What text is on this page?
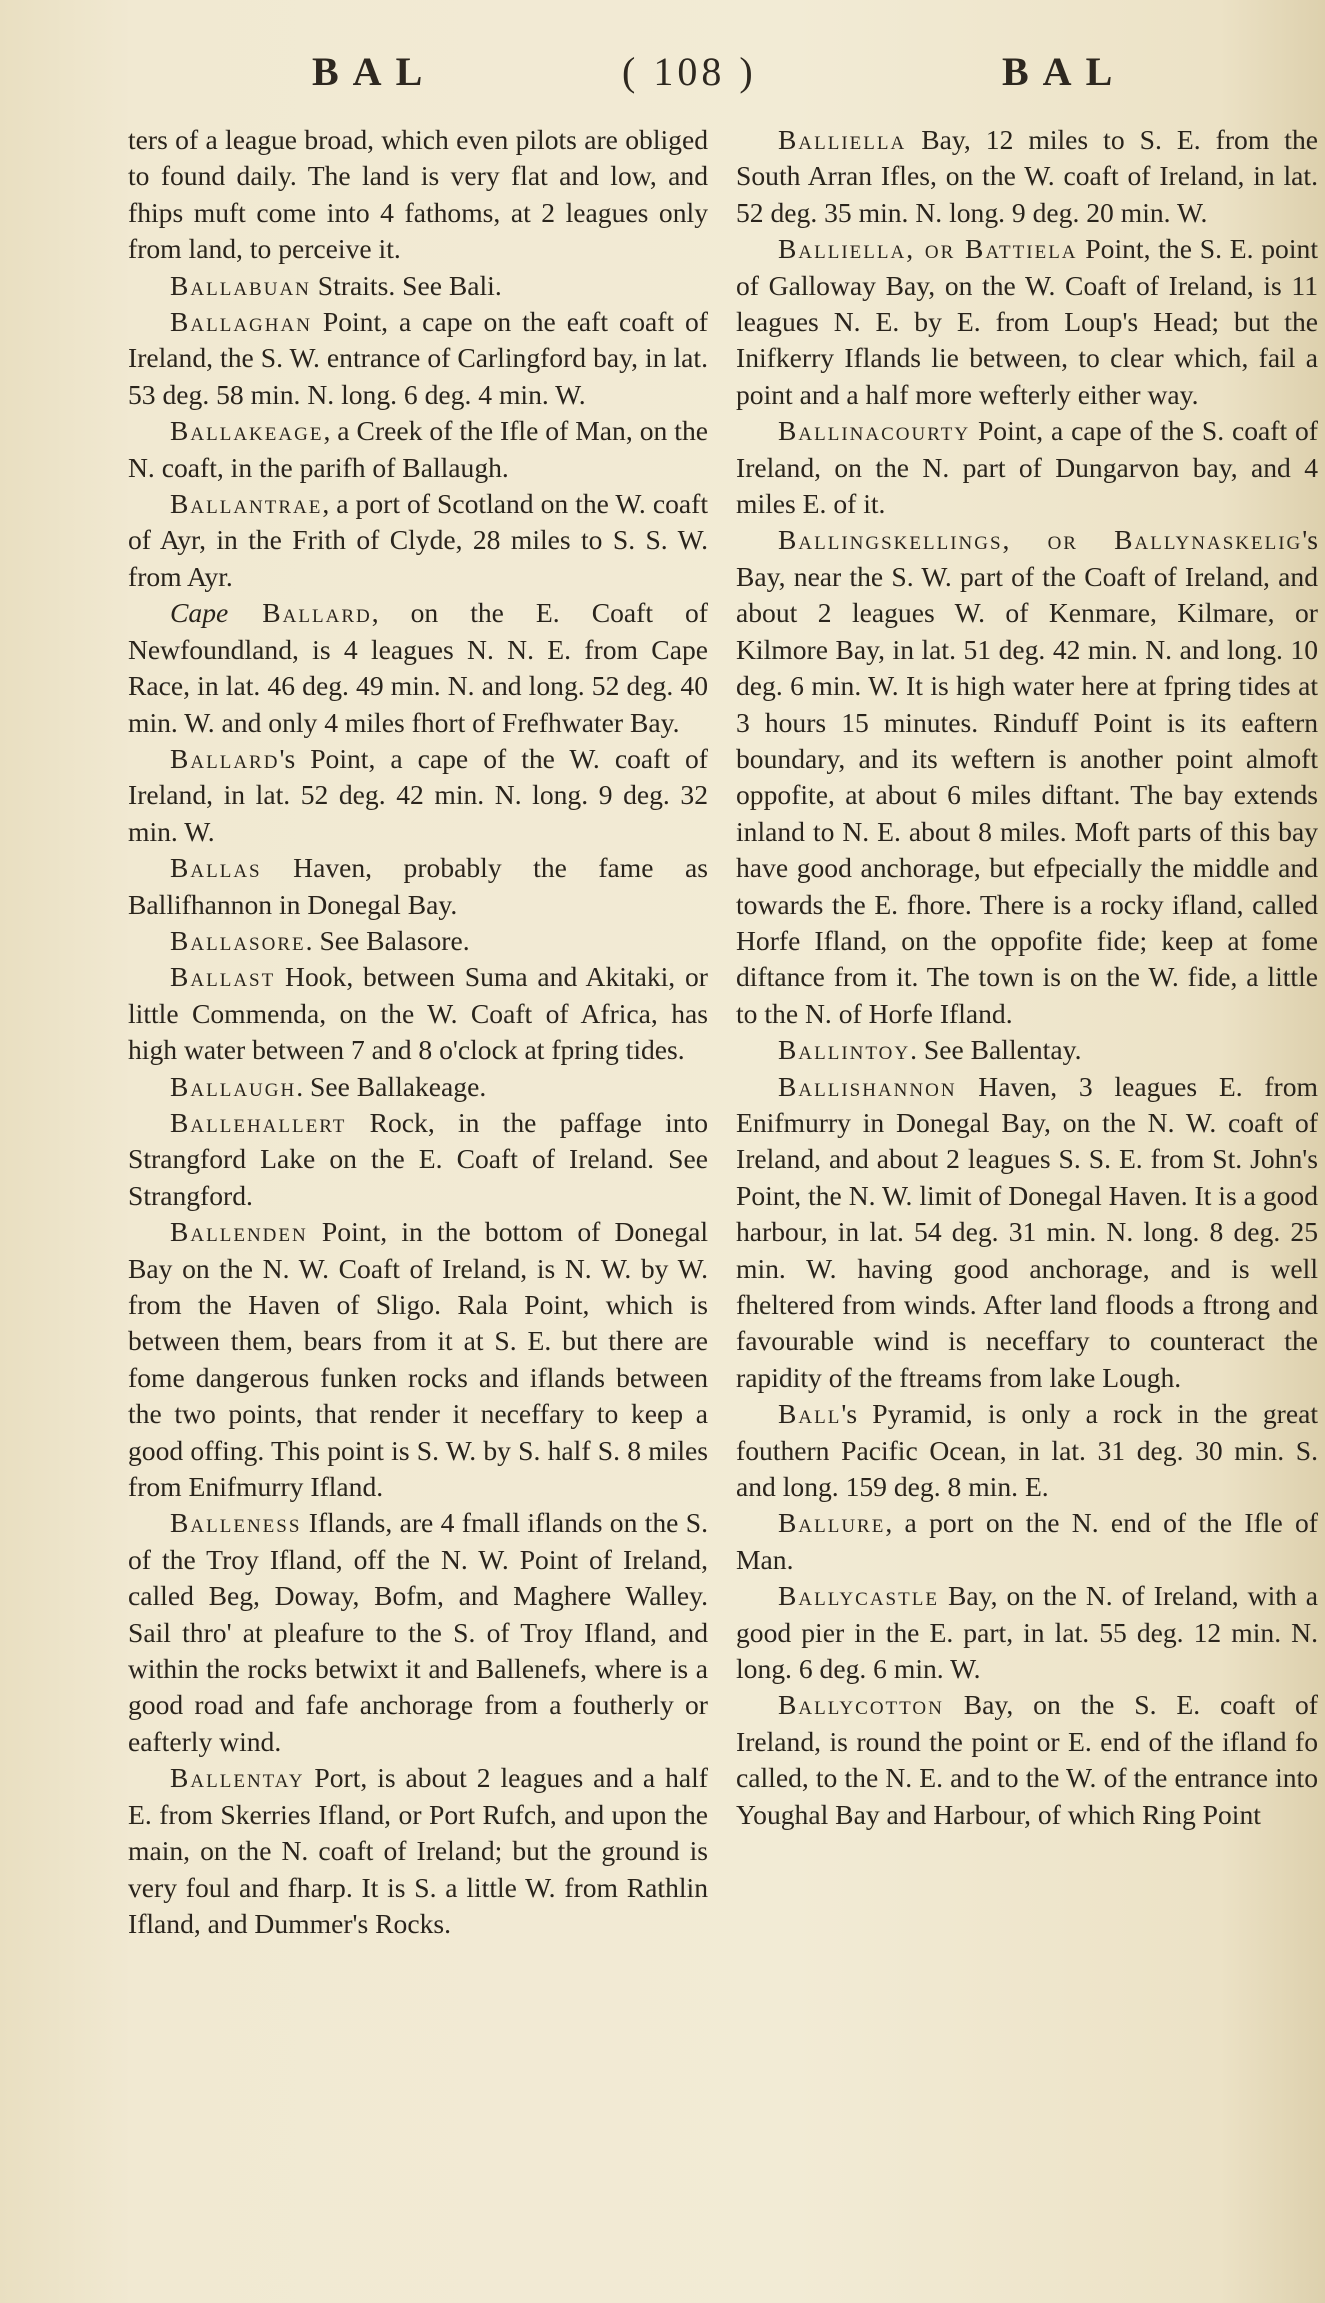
BAL	( 108 )	BAL

ters of a league broad, which even pilots are obliged to found daily. The land is very flat and low, and fhips muft come into 4 fathoms, at 2 leagues only from land, to perceive it.

Ballabuan Straits. See Bali.

Ballaghan Point, a cape on the eaft coaft of Ireland, the S. W. entrance of Carlingford bay, in lat. 53 deg. 58 min. N. long. 6 deg. 4 min. W.

Ballakeage, a Creek of the Ifle of Man, on the N. coaft, in the parifh of Ballaugh.

Ballantrae, a port of Scotland on the W. coaft of Ayr, in the Frith of Clyde, 28 miles to S. S. W. from Ayr.

Cape Ballard, on the E. Coaft of Newfoundland, is 4 leagues N. N. E. from Cape Race, in lat. 46 deg. 49 min. N. and long. 52 deg. 40 min. W. and only 4 miles fhort of Frefhwater Bay.

Ballard's Point, a cape of the W. coaft of Ireland, in lat. 52 deg. 42 min. N. long. 9 deg. 32 min. W.

Ballas Haven, probably the fame as Ballifhannon in Donegal Bay.

Ballasore. See Balasore.

Ballast Hook, between Suma and Akitaki, or little Commenda, on the W. Coaft of Africa, has high water between 7 and 8 o'clock at fpring tides.

Ballaugh. See Ballakeage.

Ballehallert Rock, in the paffage into Strangford Lake on the E. Coaft of Ireland. See Strangford.

Ballenden Point, in the bottom of Donegal Bay on the N. W. Coaft of Ireland, is N. W. by W. from the Haven of Sligo. Rala Point, which is between them, bears from it at S. E. but there are fome dangerous funken rocks and iflands between the two points, that render it neceffary to keep a good offing. This point is S. W. by S. half S. 8 miles from Enifmurry Ifland.

Balleness Iflands, are 4 fmall iflands on the S. of the Troy Ifland, off the N. W. Point of Ireland, called Beg, Doway, Bofm, and Maghere Walley. Sail thro' at pleafure to the S. of Troy Ifland, and within the rocks betwixt it and Ballenefs, where is a good road and fafe anchorage from a foutherly or eafterly wind.

Ballentay Port, is about 2 leagues and a half E. from Skerries Ifland, or Port Rufch, and upon the main, on the N. coaft of Ireland; but the ground is very foul and fharp. It is S. a little W. from Rathlin Ifland, and Dummer's Rocks.

Balliella Bay, 12 miles to S. E. from the South Arran Ifles, on the W. coaft of Ireland, in lat. 52 deg. 35 min. N. long. 9 deg. 20 min. W.

Balliella, or Battiela Point, the S. E. point of Galloway Bay, on the W. Coaft of Ireland, is 11 leagues N. E. by E. from Loup's Head; but the Inifkerry Iflands lie between, to clear which, fail a point and a half more wefterly either way.

Ballinacourty Point, a cape of the S. coaft of Ireland, on the N. part of Dungarvon bay, and 4 miles E. of it.

Ballingskellings, or Ballynaskelig's Bay, near the S. W. part of the Coaft of Ireland, and about 2 leagues W. of Kenmare, Kilmare, or Kilmore Bay, in lat. 51 deg. 42 min. N. and long. 10 deg. 6 min. W. It is high water here at fpring tides at 3 hours 15 minutes. Rinduff Point is its eaftern boundary, and its weftern is another point almoft oppofite, at about 6 miles diftant. The bay extends inland to N. E. about 8 miles. Moft parts of this bay have good anchorage, but efpecially the middle and towards the E. fhore. There is a rocky ifland, called Horfe Ifland, on the oppofite fide; keep at fome diftance from it. The town is on the W. fide, a little to the N. of Horfe Ifland.

Ballintoy. See Ballentay.

Ballishannon Haven, 3 leagues E. from Enifmurry in Donegal Bay, on the N. W. coaft of Ireland, and about 2 leagues S. S. E. from St. John's Point, the N. W. limit of Donegal Haven. It is a good harbour, in lat. 54 deg. 31 min. N. long. 8 deg. 25 min. W. having good anchorage, and is well fheltered from winds. After land floods a ftrong and favourable wind is neceffary to counteract the rapidity of the ftreams from lake Lough.

Ball's Pyramid, is only a rock in the great fouthern Pacific Ocean, in lat. 31 deg. 30 min. S. and long. 159 deg. 8 min. E.

Ballure, a port on the N. end of the Ifle of Man.

Ballycastle Bay, on the N. of Ireland, with a good pier in the E. part, in lat. 55 deg. 12 min. N. long. 6 deg. 6 min. W.

Ballycotton Bay, on the S. E. coaft of Ireland, is round the point or E. end of the ifland fo called, to the N. E. and to the W. of the entrance into Youghal Bay and Harbour, of which Ring Point
